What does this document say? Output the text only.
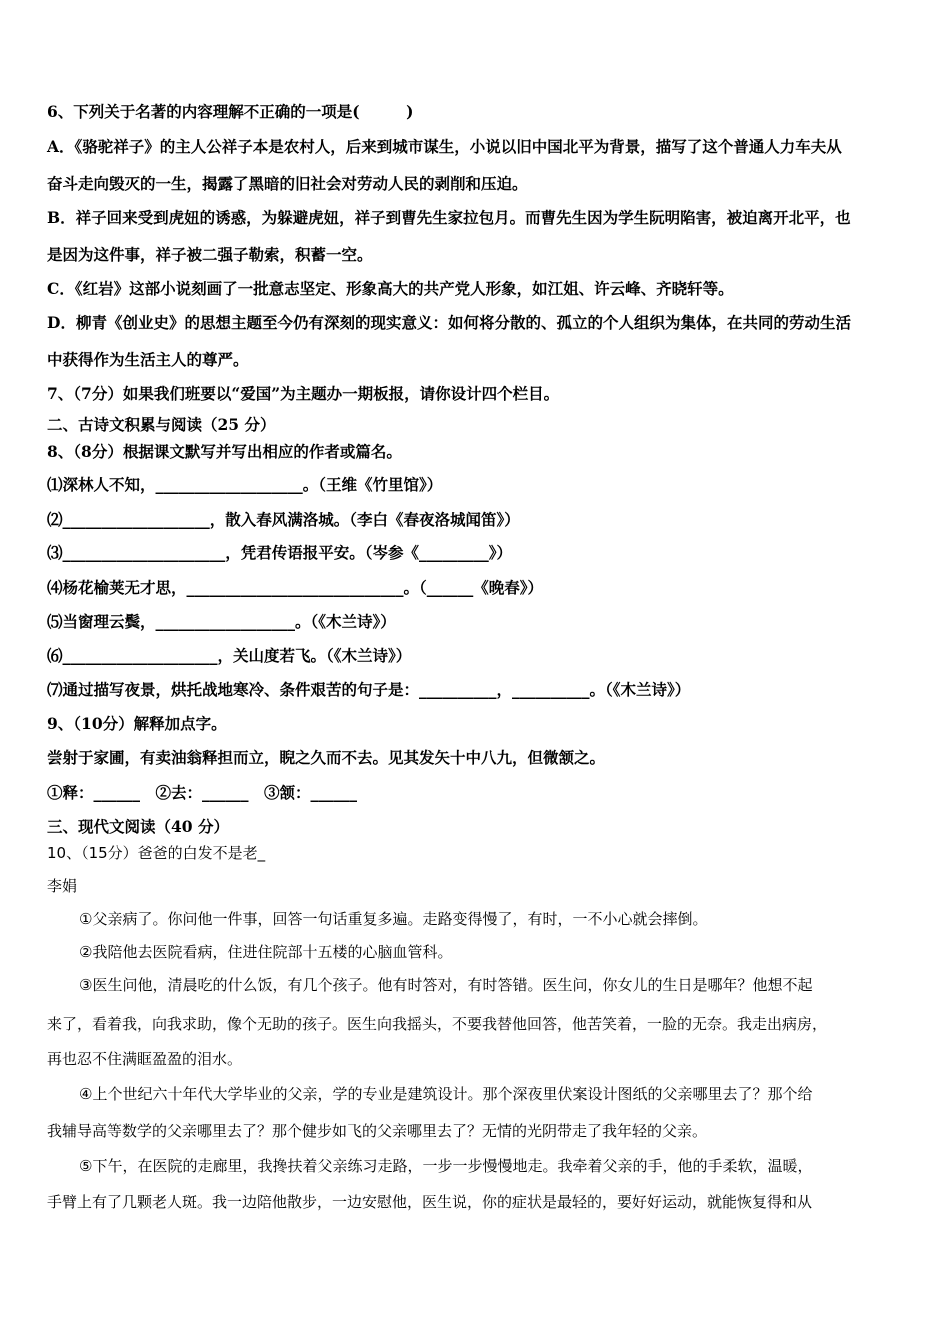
6、下列关于名著的内容理解不正确的一项是(　　　)
A．《骆驼祥子》的主人公祥子本是农村人，后来到城市谋生，小说以旧中国北平为背景，描写了这个普通人力车夫从
奋斗走向毁灭的一生，揭露了黑暗的旧社会对劳动人民的剥削和压迫。
B．祥子回来受到虎妞的诱惑，为躲避虎妞，祥子到曹先生家拉包月。而曹先生因为学生阮明陷害，被迫离开北平，也
是因为这件事，祥子被二强子勒索，积蓄一空。
C．《红岩》这部小说刻画了一批意志坚定、形象高大的共产党人形象，如江姐、许云峰、齐晓轩等。
D．柳青《创业史》的思想主题至今仍有深刻的现实意义：如何将分散的、孤立的个人组织为集体，在共同的劳动生活
中获得作为生活主人的尊严。
7、（7分）如果我们班要以“爱国”为主题办一期板报，请你设计四个栏目。
二、古诗文积累与阅读（25 分）
8、（8分）根据课文默写并写出相应的作者或篇名。
⑴深林人不知，___________________。（王维《竹里馆》）
⑵___________________，散入春风满洛城。（李白《春夜洛城闻笛》）
⑶_____________________，凭君传语报平安。（岑参《_________》）
⑷杨花榆荚无才思，____________________________。（______《晚春》）
⑸当窗理云鬓，__________________。（《木兰诗》）
⑹____________________，关山度若飞。（《木兰诗》）
⑺通过描写夜景，烘托战地寒冷、条件艰苦的句子是：__________，__________。（《木兰诗》）
9、（10分）解释加点字。
尝射于家圃，有卖油翁释担而立，睨之久而不去。见其发矢十中八九，但微颔之。
①释：______　②去：______　③颔：______
三、现代文阅读（40 分）
10、（15分）爸爸的白发不是老_
李娟
①父亲病了。你问他一件事，回答一句话重复多遍。走路变得慢了，有时，一不小心就会摔倒。
②我陪他去医院看病，住进住院部十五楼的心脑血管科。
③医生问他，清晨吃的什么饭，有几个孩子。他有时答对，有时答错。医生问，你女儿的生日是哪年？他想不起
来了，看着我，向我求助，像个无助的孩子。医生向我摇头，不要我替他回答，他苦笑着，一脸的无奈。我走出病房，
再也忍不住满眶盈盈的泪水。
④上个世纪六十年代大学毕业的父亲，学的专业是建筑设计。那个深夜里伏案设计图纸的父亲哪里去了？那个给
我辅导高等数学的父亲哪里去了？那个健步如飞的父亲哪里去了？无情的光阴带走了我年轻的父亲。
⑤下午，在医院的走廊里，我搀扶着父亲练习走路，一步一步慢慢地走。我牵着父亲的手，他的手柔软，温暖，
手臂上有了几颗老人斑。我一边陪他散步，一边安慰他，医生说，你的症状是最轻的，要好好运动，就能恢复得和从
